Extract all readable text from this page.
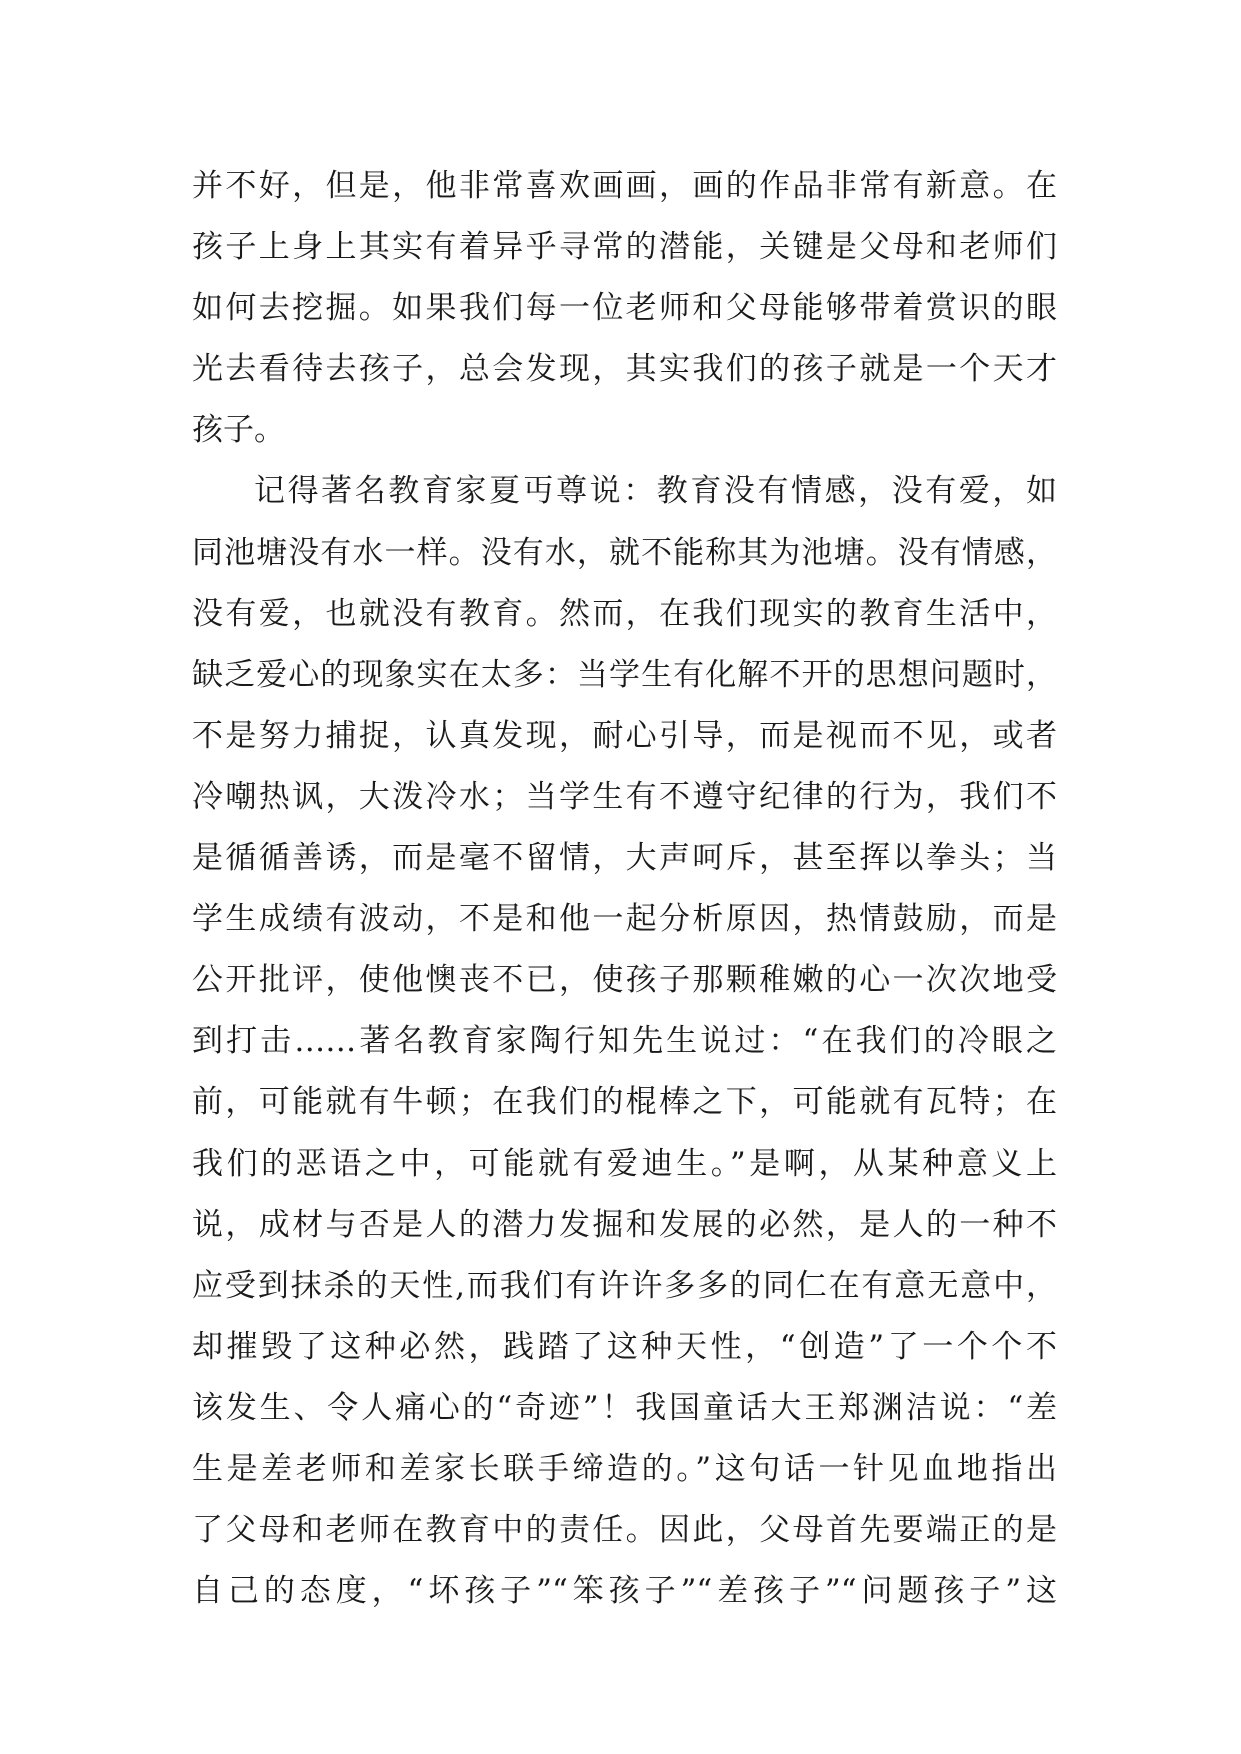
并不好，但是，他非常喜欢画画，画的作品非常有新意。在
孩子上身上其实有着异乎寻常的潜能，关键是父母和老师们
如何去挖掘。如果我们每一位老师和父母能够带着赏识的眼
光去看待去孩子，总会发现，其实我们的孩子就是一个天才
孩子。
记得著名教育家夏丏尊说：教育没有情感，没有爱，如
同池塘没有水一样。没有水，就不能称其为池塘。没有情感，
没有爱，也就没有教育。然而，在我们现实的教育生活中，
缺乏爱心的现象实在太多：当学生有化解不开的思想问题时，
不是努力捕捉，认真发现，耐心引导，而是视而不见，或者
冷嘲热讽，大泼冷水；当学生有不遵守纪律的行为，我们不
是循循善诱，而是毫不留情，大声呵斥，甚至挥以拳头；当
学生成绩有波动，不是和他一起分析原因，热情鼓励，而是
公开批评，使他懊丧不已，使孩子那颗稚嫩的心一次次地受
到打击……著名教育家陶行知先生说过：“在我们的冷眼之
前，可能就有牛顿；在我们的棍棒之下，可能就有瓦特；在
我们的恶语之中，可能就有爱迪生。”是啊，从某种意义上
说，成材与否是人的潜力发掘和发展的必然，是人的一种不
应受到抹杀的天性,而我们有许许多多的同仁在有意无意中，
却摧毁了这种必然，践踏了这种天性，“创造”了一个个不
该发生、令人痛心的“奇迹”！我国童话大王郑渊洁说：“差
生是差老师和差家长联手缔造的。”这句话一针见血地指出
了父母和老师在教育中的责任。因此，父母首先要端正的是
自己的态度，“坏孩子”“笨孩子”“差孩子”“问题孩子”这
